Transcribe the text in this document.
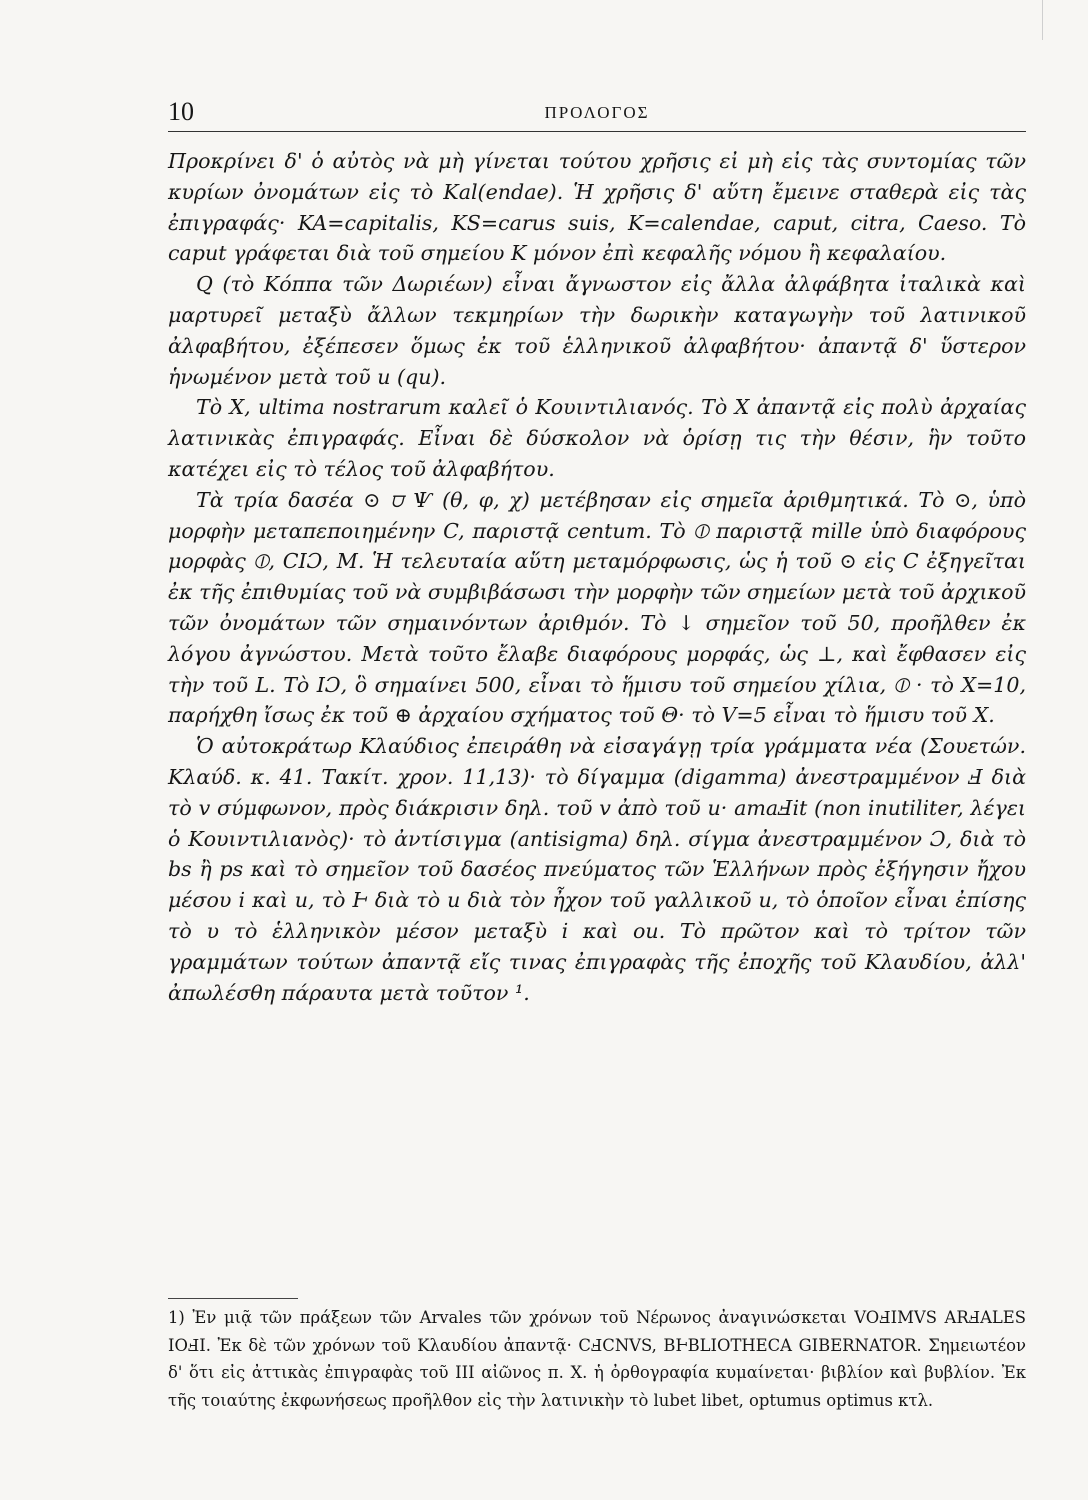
10	ΠΡΟΛΟΓΟΣ

Προκρίνει δ' ὁ αὐτὸς νὰ μὴ γίνεται τούτου χρῆσις εἰ μὴ εἰς τὰς συντομίας τῶν κυρίων ὀνομάτων εἰς τὸ Kal(endae). Ἡ χρῆσις δ' αὕτη ἔμεινε σταθερὰ εἰς τὰς ἐπιγραφάς· KA=capitalis, KS=carus suis, K=calendae, caput, citra, Caeso. Τὸ caput γράφεται διὰ τοῦ σημείου K μόνον ἐπὶ κεφαλῆς νόμου ἢ κεφαλαίου.

Q (τὸ Κόππα τῶν Δωριέων) εἶναι ἄγνωστον εἰς ἄλλα ἀλφάβητα ἰταλικὰ καὶ μαρτυρεῖ μεταξὺ ἄλλων τεκμηρίων τὴν δωρικὴν καταγωγὴν τοῦ λατινικοῦ ἀλφαβήτου, ἐξέπεσεν ὅμως ἐκ τοῦ ἑλληνικοῦ ἀλφαβήτου· ἀπαντᾷ δ' ὕστερον ἡνωμένον μετὰ τοῦ u (qu).

Τὸ X, ultima nostrarum καλεῖ ὁ Κουιντιλιανός. Τὸ X ἀπαντᾷ εἰς πολὺ ἀρχαίας λατινικὰς ἐπιγραφάς. Εἶναι δὲ δύσκολον νὰ ὁρίσῃ τις τὴν θέσιν, ἣν τοῦτο κατέχει εἰς τὸ τέλος τοῦ ἀλφαβήτου.

Τὰ τρία δασέα ⊙ ⩌ Ѱ (θ, φ, χ) μετέβησαν εἰς σημεῖα ἀριθμητικά. Τὸ ⊙, ὑπὸ μορφὴν μεταπεποιημένην C, παριστᾷ centum. Τὸ ⦶ παριστᾷ mille ὑπὸ διαφόρους μορφὰς ⦶, CIƆ, M. Ἡ τελευταία αὕτη μεταμόρφωσις, ὡς ἡ τοῦ ⊙ εἰς C ἐξηγεῖται ἐκ τῆς ἐπιθυμίας τοῦ νὰ συμβιβάσωσι τὴν μορφὴν τῶν σημείων μετὰ τοῦ ἀρχικοῦ τῶν ὀνομάτων τῶν σημαινόντων ἀριθμόν. Τὸ ↓ σημεῖον τοῦ 50, προῆλθεν ἐκ λόγου ἀγνώστου. Μετὰ τοῦτο ἔλαβε διαφόρους μορφάς, ὡς ⊥, καὶ ἔφθασεν εἰς τὴν τοῦ L. Τὸ IƆ, ὃ σημαίνει 500, εἶναι τὸ ἥμισυ τοῦ σημείου χίλια, ⦶ · τὸ X=10, παρήχθη ἴσως ἐκ τοῦ ⊕ ἀρχαίου σχήματος τοῦ Θ· τὸ V=5 εἶναι τὸ ἥμισυ τοῦ X.

Ὁ αὐτοκράτωρ Κλαύδιος ἐπειράθη νὰ εἰσαγάγῃ τρία γράμματα νέα (Σουετών. Κλαύδ. κ. 41. Τακίτ. χρον. 11,13)· τὸ δίγαμμα (digamma) ἀνεστραμμένον Ⅎ διὰ τὸ v σύμφωνον, πρὸς διάκρισιν δηλ. τοῦ v ἀπὸ τοῦ u· amaℲit (non inutiliter, λέγει ὁ Κουιντιλιανὸς)· τὸ ἀντίσιγμα (antisigma) δηλ. σίγμα ἀνεστραμμένον Ɔ, διὰ τὸ bs ἢ ps καὶ τὸ σημεῖον τοῦ δασέος πνεύματος τῶν Ἑλλήνων πρὸς ἐξήγησιν ἤχου μέσου i καὶ u, τὸ Ⱶ διὰ τὸ u διὰ τὸν ἦχον τοῦ γαλλικοῦ u, τὸ ὁποῖον εἶναι ἐπίσης τὸ υ τὸ ἑλληνικὸν μέσον μεταξὺ i καὶ ou. Τὸ πρῶτον καὶ τὸ τρίτον τῶν γραμμάτων τούτων ἀπαντᾷ εἴς τινας ἐπιγραφὰς τῆς ἐποχῆς τοῦ Κλαυδίου, ἀλλ' ἀπωλέσθη πάραυτα μετὰ τοῦτον ¹.

1) Ἐν μιᾷ τῶν πράξεων τῶν Arvales τῶν χρόνων τοῦ Νέρωνος ἀναγινώσκεται VOℲIMVS ARℲALES IOℲI. Ἐκ δὲ τῶν χρόνων τοῦ Κλαυδίου ἀπαντᾷ· CℲCNVS, BⱵBLIOTHECA GIBERNATOR. Σημειωτέον δ' ὅτι εἰς ἀττικὰς ἐπιγραφὰς τοῦ III αἰῶνος π. Χ. ἡ ὀρθογραφία κυμαίνεται· βιβλίον καὶ βυβλίον. Ἐκ τῆς τοιαύτης ἐκφωνήσεως προῆλθον εἰς τὴν λατινικὴν τὸ lubet libet, optumus optimus κτλ.
